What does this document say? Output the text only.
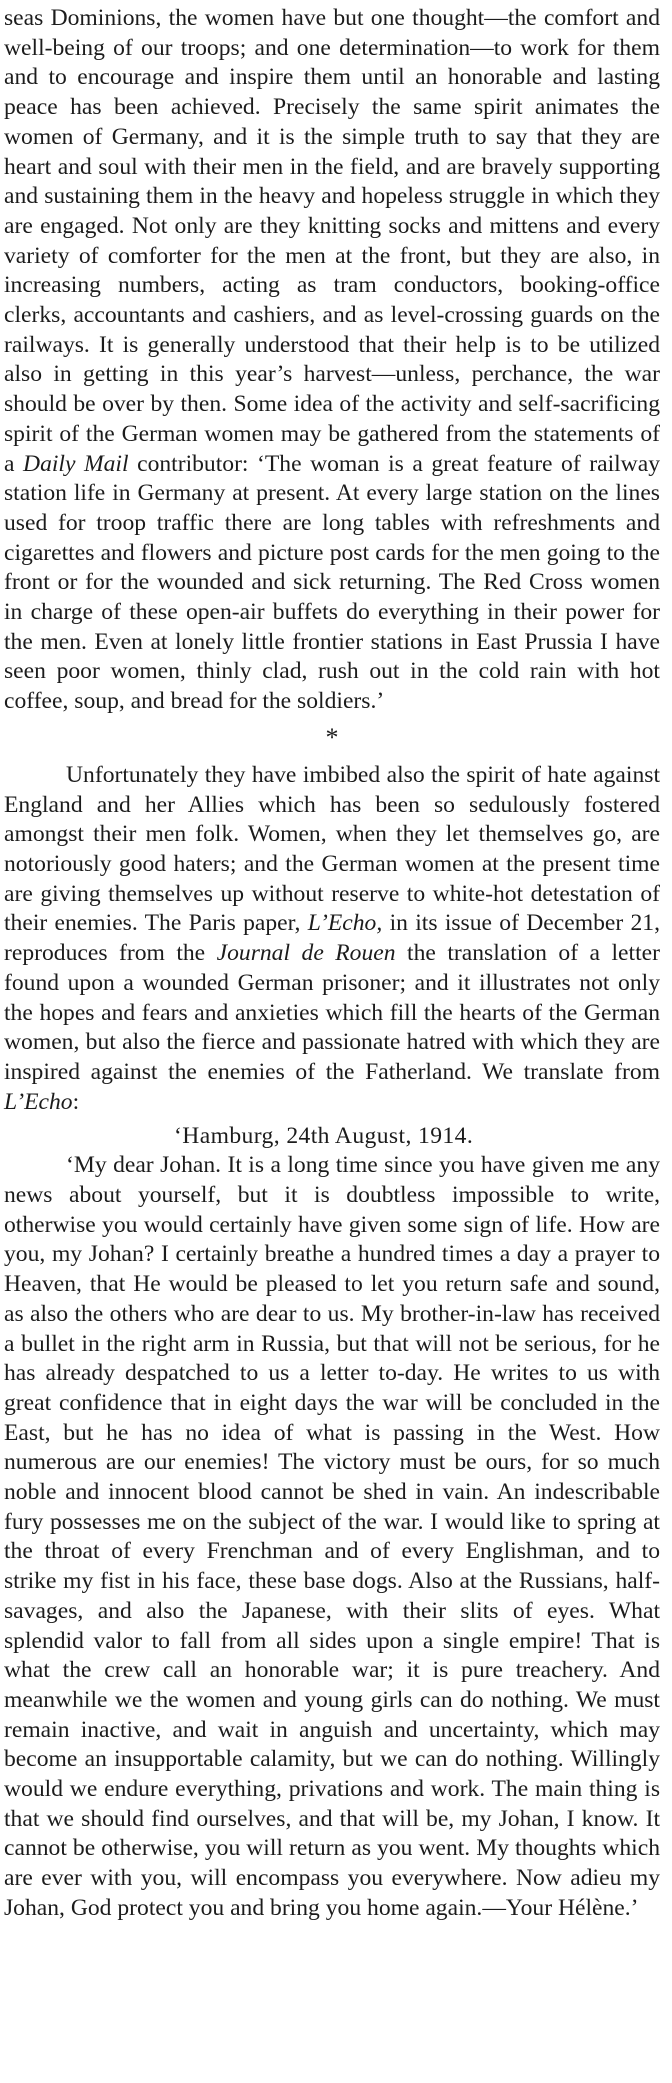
seas Dominions, the women have but one thought—the comfort and well-being of our troops; and one determination—to work for them and to encourage and inspire them until an honorable and lasting peace has been achieved. Precisely the same spirit animates the women of Germany, and it is the simple truth to say that they are heart and soul with their men in the field, and are bravely supporting and sustaining them in the heavy and hopeless struggle in which they are engaged. Not only are they knitting socks and mittens and every variety of comforter for the men at the front, but they are also, in increasing numbers, acting as tram conductors, booking-office clerks, accountants and cashiers, and as level-crossing guards on the railways. It is generally understood that their help is to be utilized also in getting in this year’s harvest—unless, perchance, the war should be over by then. Some idea of the activity and self-sacrificing spirit of the German women may be gathered from the statements of a Daily Mail contributor: ‘The woman is a great feature of railway station life in Germany at present. At every large station on the lines used for troop traffic there are long tables with refreshments and cigarettes and flowers and picture post cards for the men going to the front or for the wounded and sick returning. The Red Cross women in charge of these open-air buffets do everything in their power for the men. Even at lonely little frontier stations in East Prussia I have seen poor women, thinly clad, rush out in the cold rain with hot coffee, soup, and bread for the soldiers.’

*

Unfortunately they have imbibed also the spirit of hate against England and her Allies which has been so sedulously fostered amongst their men folk. Women, when they let themselves go, are notoriously good haters; and the German women at the present time are giving themselves up without reserve to white-hot detestation of their enemies. The Paris paper, L’Echo, in its issue of December 21, reproduces from the Journal de Rouen the translation of a letter found upon a wounded German prisoner; and it illustrates not only the hopes and fears and anxieties which fill the hearts of the German women, but also the fierce and passionate hatred with which they are inspired against the enemies of the Fatherland. We translate from L’Echo:

‘Hamburg, 24th August, 1914.

‘My dear Johan. It is a long time since you have given me any news about yourself, but it is doubtless impossible to write, otherwise you would certainly have given some sign of life. How are you, my Johan? I certainly breathe a hundred times a day a prayer to Heaven, that He would be pleased to let you return safe and sound, as also the others who are dear to us. My brother-in-law has received a bullet in the right arm in Russia, but that will not be serious, for he has already despatched to us a letter to-day. He writes to us with great confidence that in eight days the war will be concluded in the East, but he has no idea of what is passing in the West. How numerous are our enemies! The victory must be ours, for so much noble and innocent blood cannot be shed in vain. An indescribable fury possesses me on the subject of the war. I would like to spring at the throat of every Frenchman and of every Englishman, and to strike my fist in his face, these base dogs. Also at the Russians, half-savages, and also the Japanese, with their slits of eyes. What splendid valor to fall from all sides upon a single empire! That is what the crew call an honorable war; it is pure treachery. And meanwhile we the women and young girls can do nothing. We must remain inactive, and wait in anguish and uncertainty, which may become an insupportable calamity, but we can do nothing. Willingly would we endure everything, privations and work. The main thing is that we should find ourselves, and that will be, my Johan, I know. It cannot be otherwise, you will return as you went. My thoughts which are ever with you, will encompass you everywhere. Now adieu my Johan, God protect you and bring you home again.—Your Hélène.’
